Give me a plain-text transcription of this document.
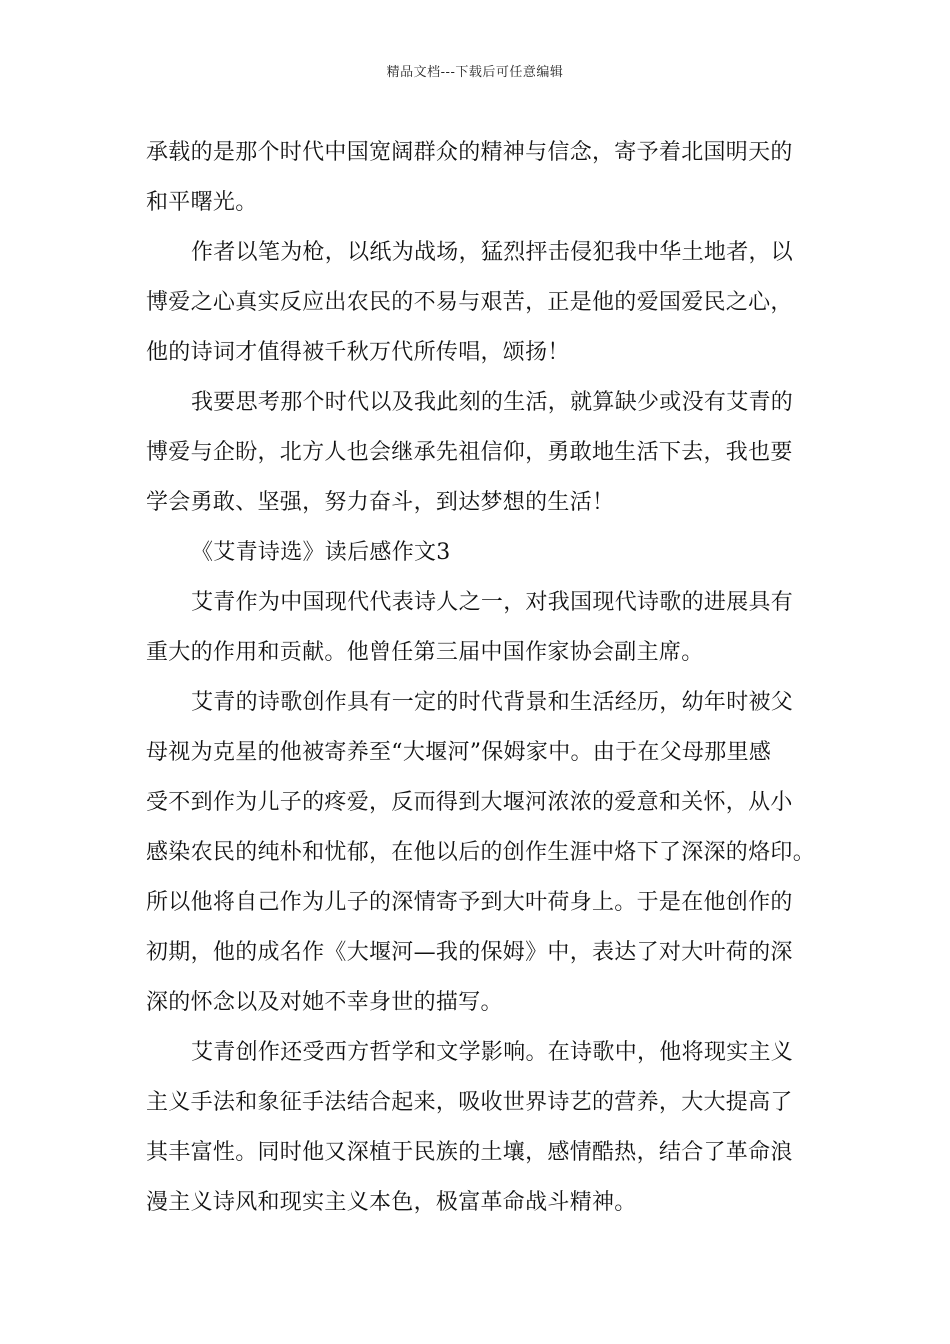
精品文档---下载后可任意编辑
承载的是那个时代中国宽阔群众的精神与信念，寄予着北国明天的
和平曙光。
作者以笔为枪，以纸为战场，猛烈抨击侵犯我中华土地者，以
博爱之心真实反应出农民的不易与艰苦，正是他的爱国爱民之心，
他的诗词才值得被千秋万代所传唱，颂扬！
我要思考那个时代以及我此刻的生活，就算缺少或没有艾青的
博爱与企盼，北方人也会继承先祖信仰，勇敢地生活下去，我也要
学会勇敢、坚强，努力奋斗，到达梦想的生活！
《艾青诗选》读后感作文3
艾青作为中国现代代表诗人之一，对我国现代诗歌的进展具有
重大的作用和贡献。他曾任第三届中国作家协会副主席。
艾青的诗歌创作具有一定的时代背景和生活经历，幼年时被父
母视为克星的他被寄养至“大堰河”保姆家中。由于在父母那里感
受不到作为儿子的疼爱，反而得到大堰河浓浓的爱意和关怀，从小
感染农民的纯朴和忧郁，在他以后的创作生涯中烙下了深深的烙印。
所以他将自己作为儿子的深情寄予到大叶荷身上。于是在他创作的
初期，他的成名作《大堰河—我的保姆》中，表达了对大叶荷的深
深的怀念以及对她不幸身世的描写。
艾青创作还受西方哲学和文学影响。在诗歌中，他将现实主义
主义手法和象征手法结合起来，吸收世界诗艺的营养，大大提高了
其丰富性。同时他又深植于民族的土壤，感情酷热，结合了革命浪
漫主义诗风和现实主义本色，极富革命战斗精神。
